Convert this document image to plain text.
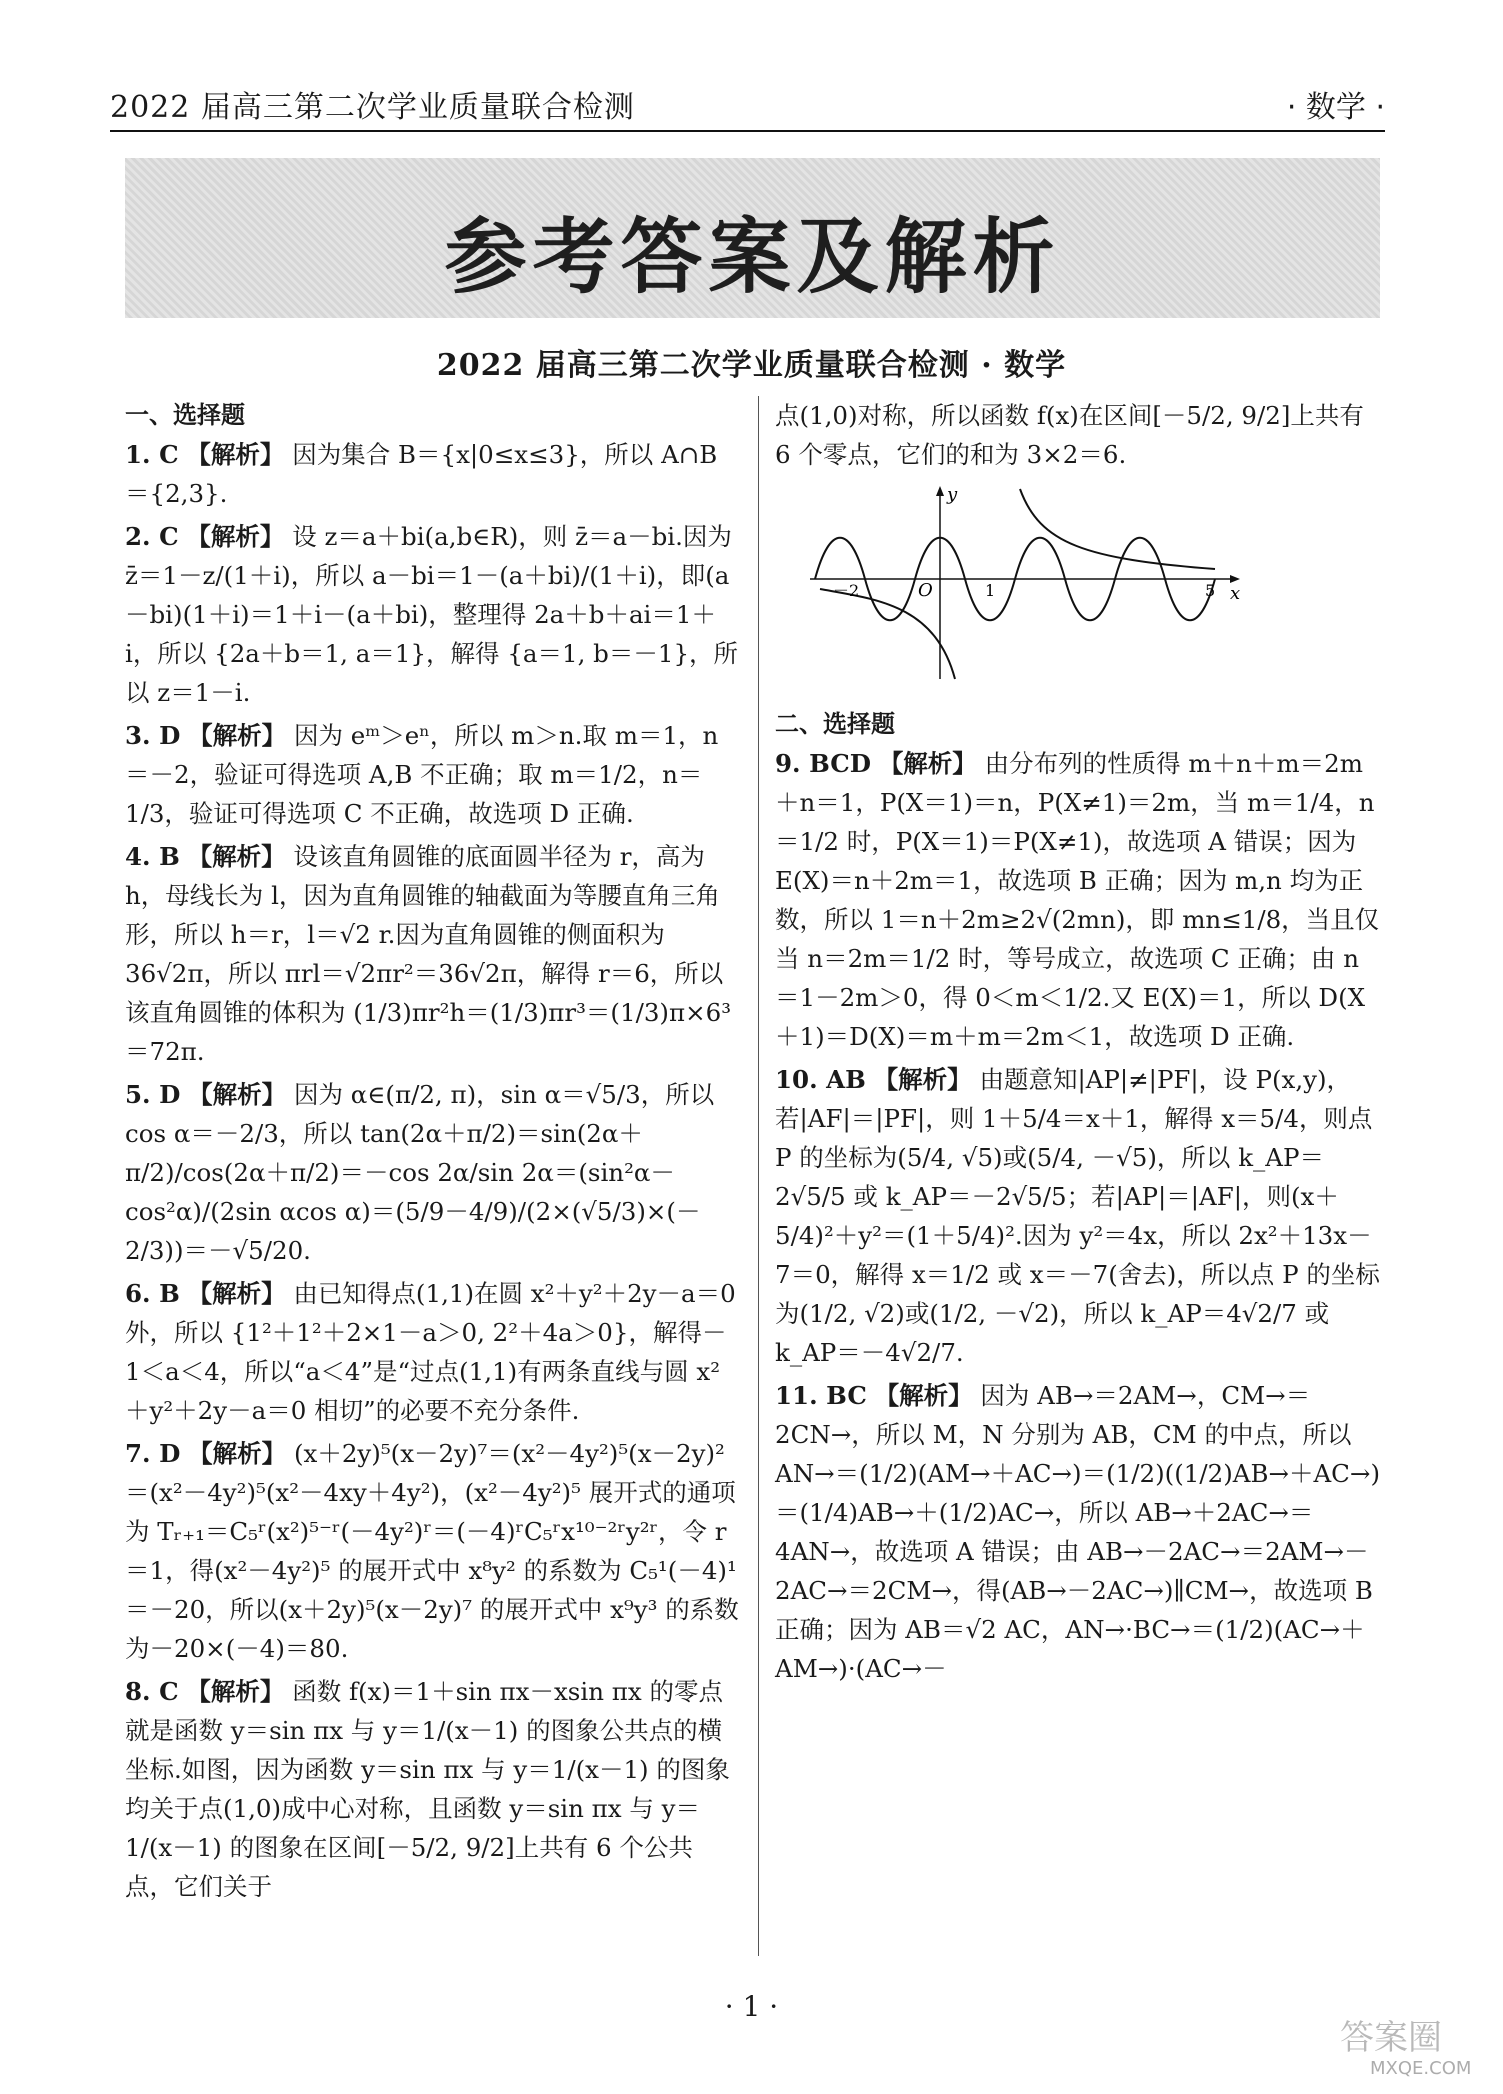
2022 届高三第二次学业质量联合检测	· 数学 ·
参考答案及解析
2022 届高三第二次学业质量联合检测 · 数学
一、选择题
1. C 【解析】 因为集合 B＝{x|0≤x≤3}，所以 A∩B＝{2,3}.
2. C 【解析】 设 z＝a＋bi(a,b∈R)，则 z̄＝a－bi.因为 z̄＝1－z/(1＋i)，所以 a－bi＝1－(a＋bi)/(1＋i)，即(a－bi)(1＋i)＝1＋i－(a＋bi)，整理得 2a＋b＋ai＝1＋i，所以 {2a＋b＝1, a＝1}，解得 {a＝1, b＝－1}，所以 z＝1－i.
3. D 【解析】 因为 eᵐ＞eⁿ，所以 m＞n.取 m＝1，n＝－2，验证可得选项 A,B 不正确；取 m＝1/2，n＝1/3，验证可得选项 C 不正确，故选项 D 正确.
4. B 【解析】 设该直角圆锥的底面圆半径为 r，高为 h，母线长为 l，因为直角圆锥的轴截面为等腰直角三角形，所以 h＝r，l＝√2 r.因为直角圆锥的侧面积为 36√2π，所以 πrl＝√2πr²＝36√2π，解得 r＝6，所以该直角圆锥的体积为 (1/3)πr²h＝(1/3)πr³＝(1/3)π×6³＝72π.
5. D 【解析】 因为 α∈(π/2, π)，sin α＝√5/3，所以 cos α＝－2/3，所以 tan(2α＋π/2)＝sin(2α＋π/2)/cos(2α＋π/2)＝－cos 2α/sin 2α＝(sin²α－cos²α)/(2sin αcos α)＝(5/9－4/9)/(2×(√5/3)×(－2/3))＝－√5/20.
6. B 【解析】 由已知得点(1,1)在圆 x²＋y²＋2y－a＝0 外，所以 {1²＋1²＋2×1－a＞0, 2²＋4a＞0}，解得－1＜a＜4，所以“a＜4”是“过点(1,1)有两条直线与圆 x²＋y²＋2y－a＝0 相切”的必要不充分条件.
7. D 【解析】 (x＋2y)⁵(x－2y)⁷＝(x²－4y²)⁵(x－2y)²＝(x²－4y²)⁵(x²－4xy＋4y²)，(x²－4y²)⁵ 展开式的通项为 Tᵣ₊₁＝C₅ʳ(x²)⁵⁻ʳ(－4y²)ʳ＝(－4)ʳC₅ʳx¹⁰⁻²ʳy²ʳ，令 r＝1，得(x²－4y²)⁵ 的展开式中 x⁸y² 的系数为 C₅¹(－4)¹＝－20，所以(x＋2y)⁵(x－2y)⁷ 的展开式中 x⁹y³ 的系数为－20×(－4)＝80.
8. C 【解析】 函数 f(x)＝1＋sin πx－xsin πx 的零点就是函数 y＝sin πx 与 y＝1/(x－1) 的图象公共点的横坐标.如图，因为函数 y＝sin πx 与 y＝1/(x－1) 的图象均关于点(1,0)成中心对称，且函数 y＝sin πx 与 y＝1/(x－1) 的图象在区间[－5/2, 9/2]上共有 6 个公共点，它们关于
点(1,0)对称，所以函数 f(x)在区间[－5/2, 9/2]上共有 6 个零点，它们的和为 3×2＝6.
y
x
O
－2	1	5
二、选择题
9. BCD 【解析】 由分布列的性质得 m＋n＋m＝2m＋n＝1，P(X＝1)＝n，P(X≠1)＝2m，当 m＝1/4，n＝1/2 时，P(X＝1)＝P(X≠1)，故选项 A 错误；因为 E(X)＝n＋2m＝1，故选项 B 正确；因为 m,n 均为正数，所以 1＝n＋2m≥2√(2mn)，即 mn≤1/8，当且仅当 n＝2m＝1/2 时，等号成立，故选项 C 正确；由 n＝1－2m＞0，得 0＜m＜1/2.又 E(X)＝1，所以 D(X＋1)＝D(X)＝m＋m＝2m＜1，故选项 D 正确.
10. AB 【解析】 由题意知|AP|≠|PF|，设 P(x,y)，若|AF|＝|PF|，则 1＋5/4＝x＋1，解得 x＝5/4，则点 P 的坐标为(5/4, √5)或(5/4, －√5)，所以 k_AP＝2√5/5 或 k_AP＝－2√5/5；若|AP|＝|AF|，则(x＋5/4)²＋y²＝(1＋5/4)².因为 y²＝4x，所以 2x²＋13x－7＝0，解得 x＝1/2 或 x＝－7(舍去)，所以点 P 的坐标为(1/2, √2)或(1/2, －√2)，所以 k_AP＝4√2/7 或 k_AP＝－4√2/7.
11. BC 【解析】 因为 AB→＝2AM→，CM→＝2CN→，所以 M，N 分别为 AB，CM 的中点，所以 AN→＝(1/2)(AM→＋AC→)＝(1/2)((1/2)AB→＋AC→)＝(1/4)AB→＋(1/2)AC→，所以 AB→＋2AC→＝4AN→，故选项 A 错误；由 AB→－2AC→＝2AM→－2AC→＝2CM→，得(AB→－2AC→)∥CM→，故选项 B 正确；因为 AB＝√2 AC，AN→·BC→＝(1/2)(AC→＋AM→)·(AC→－
· 1 ·
答案圈
MXQE.COM
